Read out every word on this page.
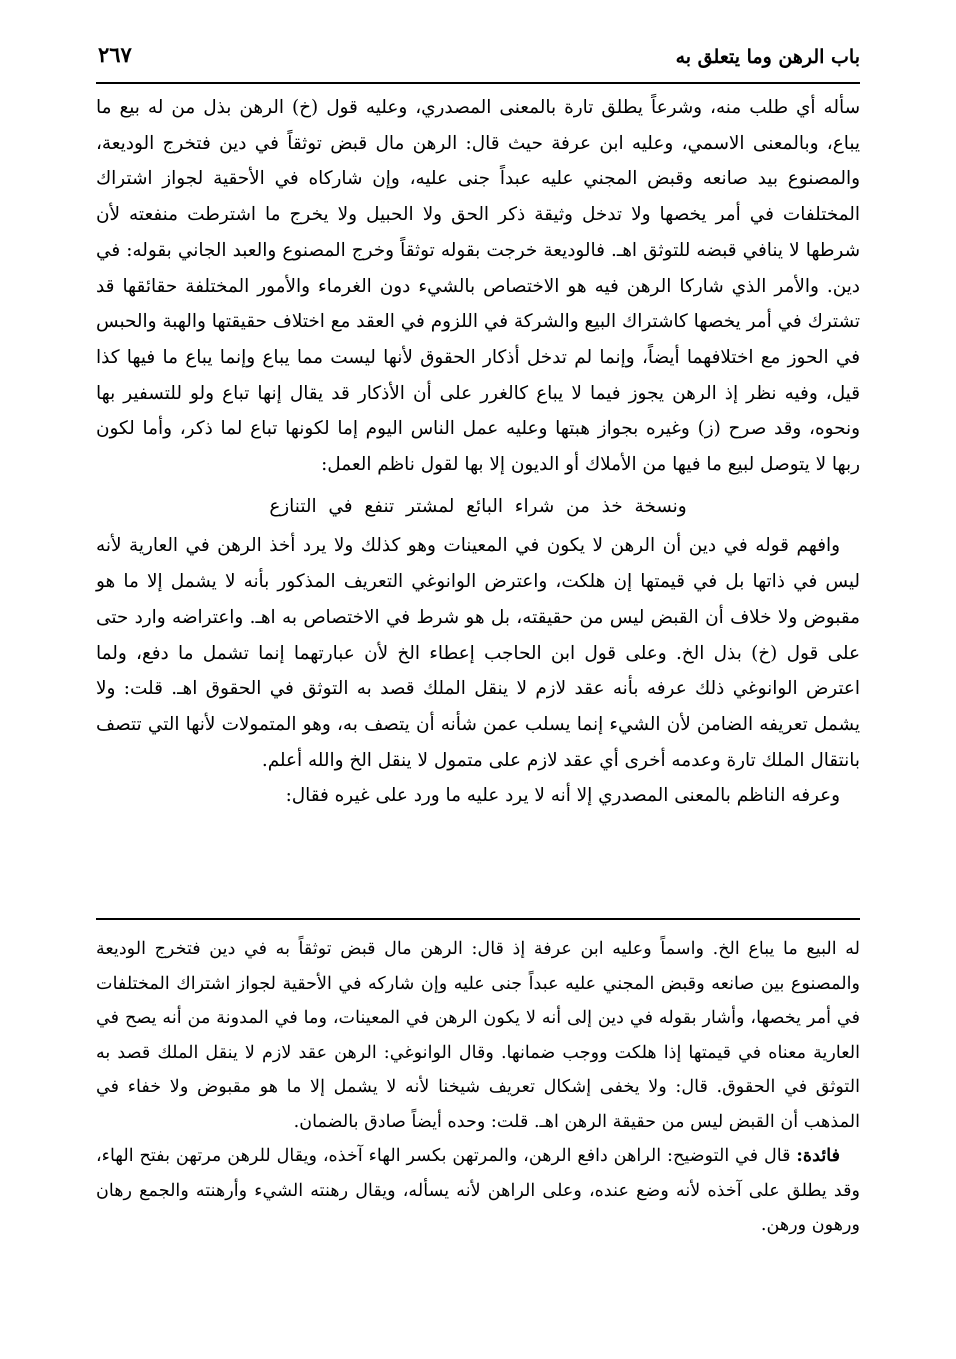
باب الرهن وما يتعلق به
٢٦٧

سأله أي طلب منه، وشرعاً يطلق تارة بالمعنى المصدري، وعليه قول (خ) الرهن بذل من له بيع ما يباع، وبالمعنى الاسمي، وعليه ابن عرفة حيث قال: الرهن مال قبض توثقاً في دين فتخرج الوديعة، والمصنوع بيد صانعه وقبض المجني عليه عبداً جنى عليه، وإن شاركاه في الأحقية لجواز اشتراك المختلفات في أمر يخصها ولا تدخل وثيقة ذكر الحق ولا الحبيل ولا يخرج ما اشترطت منفعته لأن شرطها لا ينافي قبضه للتوثق اهـ. فالوديعة خرجت بقوله توثقاً وخرج المصنوع والعبد الجاني بقوله: في دين. والأمر الذي شاركا الرهن فيه هو الاختصاص بالشيء دون الغرماء والأمور المختلفة حقائقها قد تشترك في أمر يخصها كاشتراك البيع والشركة في اللزوم في العقد مع اختلاف حقيقتها والهبة والحبس في الحوز مع اختلافهما أيضاً، وإنما لم تدخل أذكار الحقوق لأنها ليست مما يباع وإنما يباع ما فيها كذا قيل، وفيه نظر إذ الرهن يجوز فيما لا يباع كالغرر على أن الأذكار قد يقال إنها تباع ولو للتسفير بها ونحوه، وقد صرح (ز) وغيره بجواز هبتها وعليه عمل الناس اليوم إما لكونها تباع لما ذكر، وأما لكون ربها لا يتوصل لبيع ما فيها من الأملاك أو الديون إلا بها لقول ناظم العمل:

ونسخة خذ من شراء البائع لمشتر تنفع في التنازع

وافهم قوله في دين أن الرهن لا يكون في المعينات وهو كذلك ولا يرد أخذ الرهن في العارية لأنه ليس في ذاتها بل في قيمتها إن هلكت، واعترض الوانوغي التعريف المذكور بأنه لا يشمل إلا ما هو مقبوض ولا خلاف أن القبض ليس من حقيقته، بل هو شرط في الاختصاص به اهـ. واعتراضه وارد حتى على قول (خ) بذل الخ. وعلى قول ابن الحاجب إعطاء الخ لأن عبارتهما إنما تشمل ما دفع، ولما اعترض الوانوغي ذلك عرفه بأنه عقد لازم لا ينقل الملك قصد به التوثق في الحقوق اهـ. قلت: ولا يشمل تعريفه الضامن لأن الشيء إنما يسلب عمن شأنه أن يتصف به، وهو المتمولات لأنها التي تتصف بانتقال الملك تارة وعدمه أخرى أي عقد لازم على متمول لا ينقل الخ والله أعلم.

وعرفه الناظم بالمعنى المصدري إلا أنه لا يرد عليه ما ورد على غيره فقال:

له البيع ما يباع الخ. واسماً وعليه ابن عرفة إذ قال: الرهن مال قبض توثقاً به في دين فتخرج الوديعة والمصنوع بين صانعه وقبض المجني عليه عبداً جنى عليه وإن شاركه في الأحقية لجواز اشتراك المختلفات في أمر يخصها، وأشار بقوله في دين إلى أنه لا يكون الرهن في المعينات، وما في المدونة من أنه يصح في العارية معناه في قيمتها إذا هلكت ووجب ضمانها. وقال الوانوغي: الرهن عقد لازم لا ينقل الملك قصد به التوثق في الحقوق. قال: ولا يخفى إشكال تعريف شيخنا لأنه لا يشمل إلا ما هو مقبوض ولا خفاء في المذهب أن القبض ليس من حقيقة الرهن اهـ. قلت: وحده أيضاً صادق بالضمان.

فائدة: قال في التوضيح: الراهن دافع الرهن، والمرتهن بكسر الهاء آخذه، ويقال للرهن مرتهن بفتح الهاء، وقد يطلق على آخذه لأنه وضع عنده، وعلى الراهن لأنه يسأله، ويقال رهنته الشيء وأرهنته والجمع رهان ورهون ورهن.
